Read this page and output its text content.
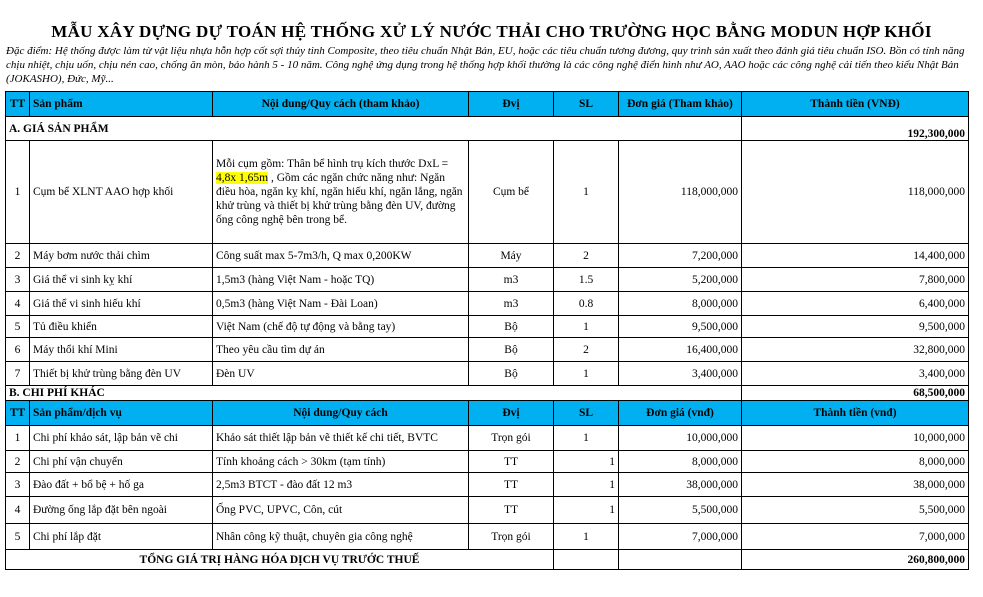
MẪU XÂY DỰNG DỰ TOÁN HỆ THỐNG XỬ LÝ NƯỚC THẢI CHO TRƯỜNG HỌC BẰNG MODUN HỢP KHỐI
Đặc điểm: Hệ thống được làm từ vật liệu nhựa hỗn hợp cốt sợi thủy tinh Composite, theo tiêu chuẩn Nhật Bản, EU, hoặc các tiêu chuẩn tương đương, quy trình sản xuất theo đánh giá tiêu chuẩn ISO. Bồn có tính năng chịu nhiệt, chịu uốn, chịu nén cao, chống ăn mòn, bảo hành 5 - 10 năm. Công nghệ ứng dụng trong hệ thống hợp khối thường là các công nghệ điển hình như AO, AAO hoặc các công nghệ cải tiến theo kiểu Nhật Bản (JOKASHO), Đức, Mỹ...
TT	Sản phẩm	Nội dung/Quy cách (tham khảo)	Đvị	SL	Đơn giá (Tham khảo)	Thành tiền (VNĐ)
A. GIÁ SẢN PHẨM						192,300,000
1	Cụm bể XLNT AAO hợp khối	Mỗi cụm gồm: Thân bể hình trụ kích thước DxL = 4,8x 1,65m , Gồm các ngăn chức năng như: Ngăn điều hòa, ngăn kỵ khí, ngăn hiếu khí, ngăn lắng, ngăn khử trùng và thiết bị khử trùng bằng đèn UV, đường ống công nghệ bên trong bể.	Cụm bể	1	118,000,000	118,000,000
2	Máy bơm nước thải chìm	Công suất max 5-7m3/h, Q max 0,200KW	Máy	2	7,200,000	14,400,000
3	Giá thể vi sinh kỵ khí	1,5m3 (hàng Việt Nam - hoặc TQ)	m3	1.5	5,200,000	7,800,000
4	Giá thể vi sinh hiếu khí	0,5m3 (hàng Việt Nam - Đài Loan)	m3	0.8	8,000,000	6,400,000
5	Tủ điều khiển	Việt Nam (chế độ tự động và bằng tay)	Bộ	1	9,500,000	9,500,000
6	Máy thổi khí Mini	Theo yêu cầu tìm dự án	Bộ	2	16,400,000	32,800,000
7	Thiết bị khử trùng bằng đèn UV	Đèn UV	Bộ	1	3,400,000	3,400,000
B. CHI PHÍ KHÁC						68,500,000
TT	Sản phẩm/dịch vụ	Nội dung/Quy cách	Đvị	SL	Đơn giá (vnđ)	Thành tiền (vnđ)
1	Chi phí khảo sát, lập bản vẽ chi	Khảo sát thiết lập bản vẽ thiết kế chi tiết, BVTC	Trọn gói	1	10,000,000	10,000,000
2	Chi phí vận chuyển	Tính khoảng cách > 30km (tạm tính)	TT	1	8,000,000	8,000,000
3	Đào đất + bổ bệ + hố ga	2,5m3 BTCT - đào đất 12 m3	TT	1	38,000,000	38,000,000
4	Đường ống lắp đặt bên ngoài	Ống PVC, UPVC, Côn, cút	TT	1	5,500,000	5,500,000
5	Chi phí lắp đặt	Nhân công kỹ thuật, chuyên gia công nghệ	Trọn gói	1	7,000,000	7,000,000
TỔNG GIÁ TRỊ HÀNG HÓA DỊCH VỤ TRƯỚC THUẾ						260,800,000
